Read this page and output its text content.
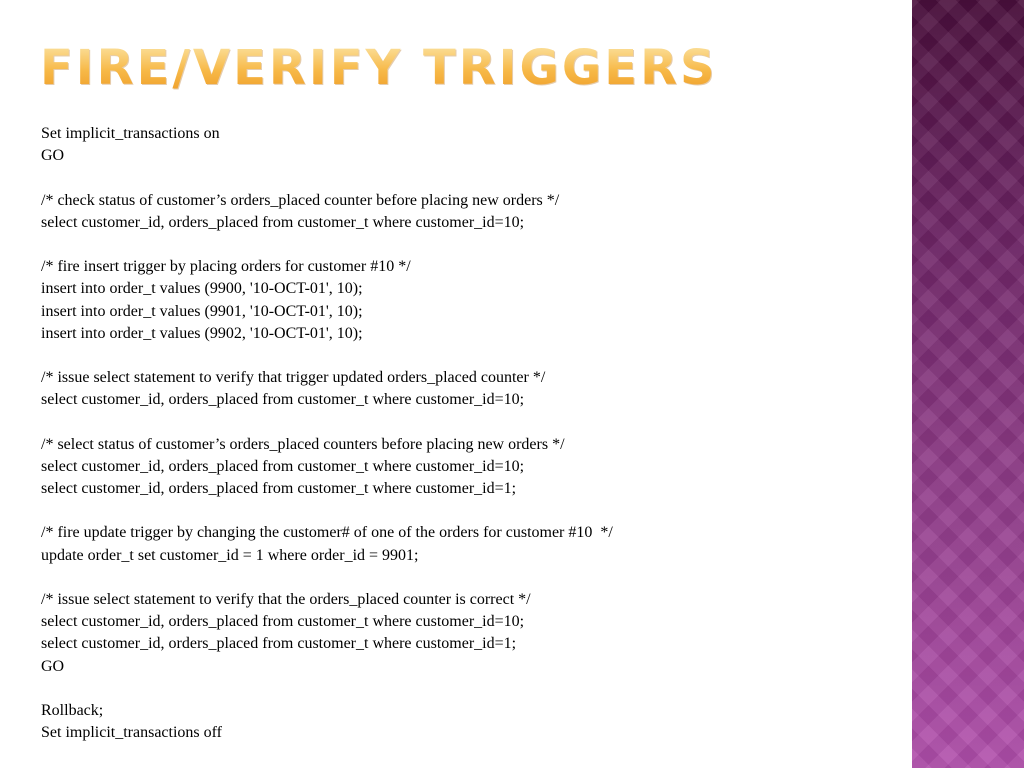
FIRE/VERIFY TRIGGERS
Set implicit_transactions on
GO
/* check status of customer’s orders_placed counter before placing new orders */
select customer_id, orders_placed from customer_t where customer_id=10;
/* fire insert trigger by placing orders for customer #10 */
insert into order_t values (9900, '10-OCT-01', 10);
insert into order_t values (9901, '10-OCT-01', 10);
insert into order_t values (9902, '10-OCT-01', 10);
/* issue select statement to verify that trigger updated orders_placed counter */
select customer_id, orders_placed from customer_t where customer_id=10;
/* select status of customer’s orders_placed counters before placing new orders */
select customer_id, orders_placed from customer_t where customer_id=10;
select customer_id, orders_placed from customer_t where customer_id=1;
/* fire update trigger by changing the customer# of one of the orders for customer #10  */
update order_t set customer_id = 1 where order_id = 9901;
/* issue select statement to verify that the orders_placed counter is correct */
select customer_id, orders_placed from customer_t where customer_id=10;
select customer_id, orders_placed from customer_t where customer_id=1;
GO
Rollback;
Set implicit_transactions off
